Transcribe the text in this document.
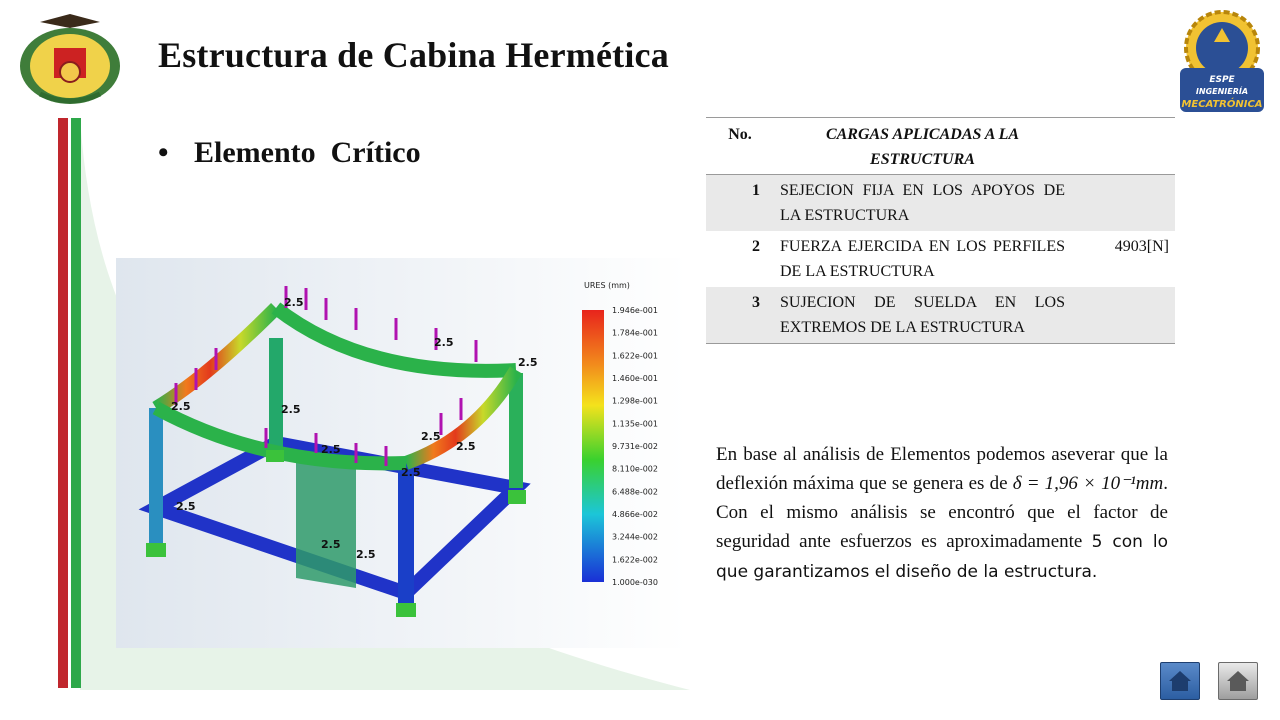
ESPE
INGENIERÍA
MECATRÓNICA
Estructura de Cabina Hermética
• Elemento  Crítico
2.5
2.5
2.5
2.5	2.5
2.5
2.5
2.5
2.5
2.5
2.5
2.5
URES (mm)
1.946e-001
1.784e-001
1.622e-001
1.460e-001
1.298e-001
1.135e-001
9.731e-002
8.110e-002
6.488e-002
4.866e-002
3.244e-002
1.622e-002
1.000e-030
No.	CARGAS APLICADAS A LA ESTRUCTURA	
1	SEJECION FIJA EN LOS APOYOS DE LA ESTRUCTURA	
2	FUERZA EJERCIDA EN LOS PERFILES DE LA ESTRUCTURA	4903[N]
3	SUJECION DE SUELDA EN LOS EXTREMOS DE LA ESTRUCTURA	
En base al análisis de Elementos podemos aseverar que la deflexión máxima que se genera es de δ = 1,96 × 10⁻¹mm. Con el mismo análisis se encontró que el factor de seguridad ante esfuerzos es aproximadamente 5 con lo que garantizamos el diseño de la estructura.
